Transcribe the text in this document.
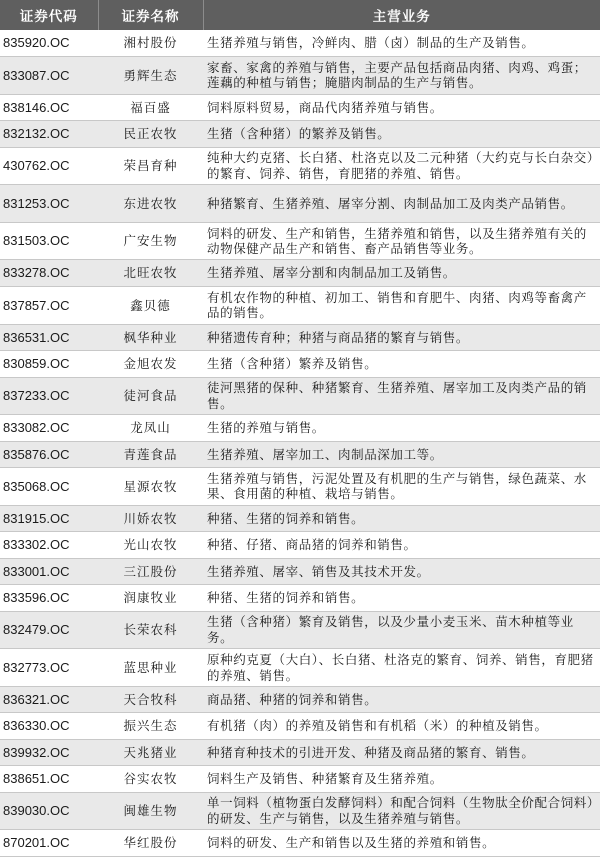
证券代码	证券名称	主营业务
835920.OC	湘村股份	生猪养殖与销售，冷鲜肉、腊（卤）制品的生产及销售。
833087.OC	勇辉生态	家畜、家禽的养殖与销售，主要产品包括商品肉猪、肉鸡、鸡蛋；莲藕的种植与销售；腌腊肉制品的生产与销售。
838146.OC	福百盛	饲料原料贸易，商品代肉猪养殖与销售。
832132.OC	民正农牧	生猪（含种猪）的繁养及销售。
430762.OC	荣昌育种	纯种大约克猪、长白猪、杜洛克以及二元种猪（大约克与长白杂交）的繁育、饲养、销售，育肥猪的养殖、销售。
831253.OC	东进农牧	种猪繁育、生猪养殖、屠宰分割、肉制品加工及肉类产品销售。
831503.OC	广安生物	饲料的研发、生产和销售，生猪养殖和销售，以及生猪养殖有关的动物保健产品生产和销售、畜产品销售等业务。
833278.OC	北旺农牧	生猪养殖、屠宰分割和肉制品加工及销售。
837857.OC	鑫贝德	有机农作物的种植、初加工、销售和育肥牛、肉猪、肉鸡等畜禽产品的销售。
836531.OC	枫华种业	种猪遗传育种；种猪与商品猪的繁育与销售。
830859.OC	金旭农发	生猪（含种猪）繁养及销售。
837233.OC	徒河食品	徒河黑猪的保种、种猪繁育、生猪养殖、屠宰加工及肉类产品的销售。
833082.OC	龙凤山	生猪的养殖与销售。
835876.OC	青莲食品	生猪养殖、屠宰加工、肉制品深加工等。
835068.OC	星源农牧	生猪养殖与销售，污泥处置及有机肥的生产与销售，绿色蔬菜、水果、食用菌的种植、栽培与销售。
831915.OC	川娇农牧	种猪、生猪的饲养和销售。
833302.OC	光山农牧	种猪、仔猪、商品猪的饲养和销售。
833001.OC	三江股份	生猪养殖、屠宰、销售及其技术开发。
833596.OC	润康牧业	种猪、生猪的饲养和销售。
832479.OC	长荣农科	生猪（含种猪）繁育及销售，以及少量小麦玉米、苗木种植等业务。
832773.OC	蓝思种业	原种约克夏（大白）、长白猪、杜洛克的繁育、饲养、销售，育肥猪的养殖、销售。
836321.OC	天合牧科	商品猪、种猪的饲养和销售。
836330.OC	振兴生态	有机猪（肉）的养殖及销售和有机稻（米）的种植及销售。
839932.OC	天兆猪业	种猪育种技术的引进开发、种猪及商品猪的繁育、销售。
838651.OC	谷实农牧	饲料生产及销售、种猪繁育及生猪养殖。
839030.OC	闽雄生物	单一饲料（植物蛋白发酵饲料）和配合饲料（生物肽全价配合饲料）的研发、生产与销售，以及生猪养殖与销售。
870201.OC	华红股份	饲料的研发、生产和销售以及生猪的养殖和销售。
